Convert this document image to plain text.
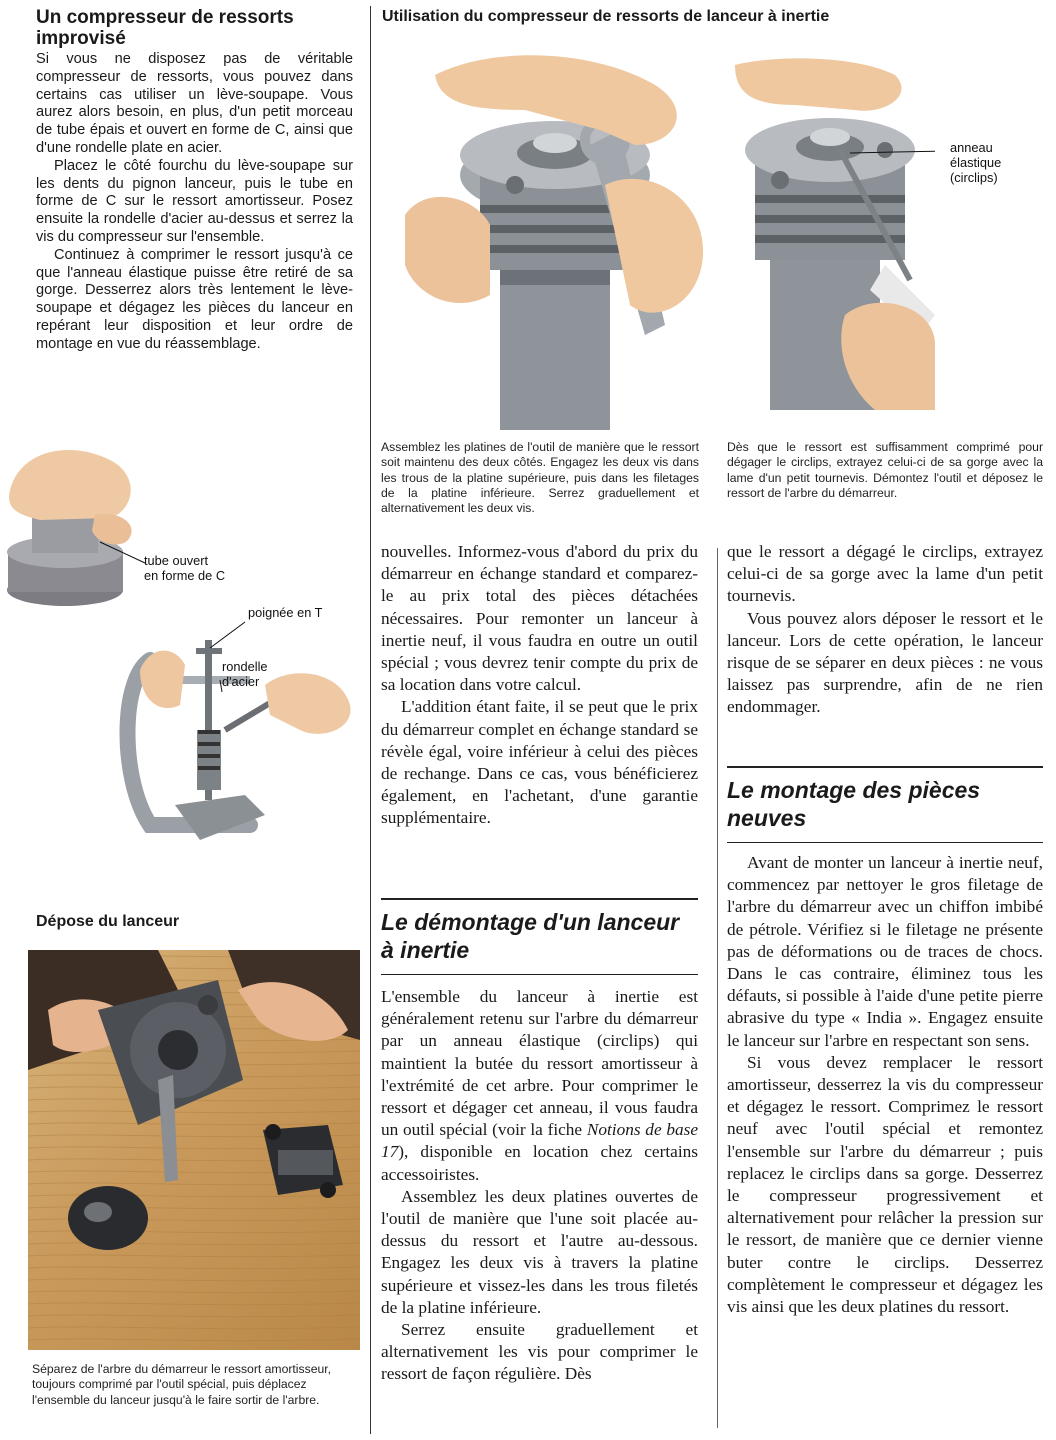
Un compresseur de ressorts improvisé

Si vous ne disposez pas de véritable compresseur de ressorts, vous pouvez dans certains cas utiliser un lève-soupape. Vous aurez alors besoin, en plus, d'un petit morceau de tube épais et ouvert en forme de C, ainsi que d'une rondelle plate en acier.

Placez le côté fourchu du lève-soupape sur les dents du pignon lanceur, puis le tube en forme de C sur le ressort amortisseur. Posez ensuite la rondelle d'acier au-dessus et serrez la vis du compresseur sur l'ensemble.

Continuez à comprimer le ressort jusqu'à ce que l'anneau élastique puisse être retiré de sa gorge. Desserrez alors très lentement le lève-soupape et dégagez les pièces du lanceur en repérant leur disposition et leur ordre de montage en vue du réassemblage.

tube ouvert
en forme de C
poignée en T
rondelle
d'acier
Dépose du lanceur

Séparez de l'arbre du démarreur le ressort amortisseur, toujours comprimé par l'outil spécial, puis déplacez l'ensemble du lanceur jusqu'à le faire sortir de l'arbre.

Utilisation du compresseur de ressorts de lanceur à inertie
anneau
élastique
(circlips)

Assemblez les platines de l'outil de manière que le ressort soit maintenu des deux côtés. Engagez les deux vis dans les trous de la platine supérieure, puis dans les filetages de la platine inférieure. Serrez graduellement et alternativement les deux vis.

Dès que le ressort est suffisamment comprimé pour dégager le circlips, extrayez celui-ci de sa gorge avec la lame d'un petit tournevis. Démontez l'outil et déposez le ressort de l'arbre du démarreur.

nouvelles. Informez-vous d'abord du prix du démarreur en échange standard et comparez-le au prix total des pièces détachées nécessaires. Pour remonter un lanceur à inertie neuf, il vous faudra en outre un outil spécial ; vous devrez tenir compte du prix de sa location dans votre calcul.

L'addition étant faite, il se peut que le prix du démarreur complet en échange standard se révèle égal, voire inférieur à celui des pièces de rechange. Dans ce cas, vous bénéficierez également, en l'achetant, d'une garantie supplémentaire.

Le démontage d'un lanceur à inertie

L'ensemble du lanceur à inertie est généralement retenu sur l'arbre du démarreur par un anneau élastique (circlips) qui maintient la butée du ressort amortisseur à l'extrémité de cet arbre. Pour comprimer le ressort et dégager cet anneau, il vous faudra un outil spécial (voir la fiche Notions de base 17), disponible en location chez certains accessoiristes.

Assemblez les deux platines ouvertes de l'outil de manière que l'une soit placée au-dessus du ressort et l'autre au-dessous. Engagez les deux vis à travers la platine supérieure et vissez-les dans les trous filetés de la platine inférieure.

Serrez ensuite graduellement et alternativement les vis pour comprimer le ressort de façon régulière. Dès

que le ressort a dégagé le circlips, extrayez celui-ci de sa gorge avec la lame d'un petit tournevis.

Vous pouvez alors déposer le ressort et le lanceur. Lors de cette opération, le lanceur risque de se séparer en deux pièces : ne vous laissez pas surprendre, afin de ne rien endommager.

Le montage des pièces neuves

Avant de monter un lanceur à inertie neuf, commencez par nettoyer le gros filetage de l'arbre du démarreur avec un chiffon imbibé de pétrole. Vérifiez si le filetage ne présente pas de déformations ou de traces de chocs. Dans le cas contraire, éliminez tous les défauts, si possible à l'aide d'une petite pierre abrasive du type « India ». Engagez ensuite le lanceur sur l'arbre en respectant son sens.

Si vous devez remplacer le ressort amortisseur, desserrez la vis du compresseur et dégagez le ressort. Comprimez le ressort neuf avec l'outil spécial et remontez l'ensemble sur l'arbre du démarreur ; puis replacez le circlips dans sa gorge. Desserrez le compresseur progressivement et alternativement pour relâcher la pression sur le ressort, de manière que ce dernier vienne buter contre le circlips. Desserrez complètement le compresseur et dégagez les vis ainsi que les deux platines du ressort.
